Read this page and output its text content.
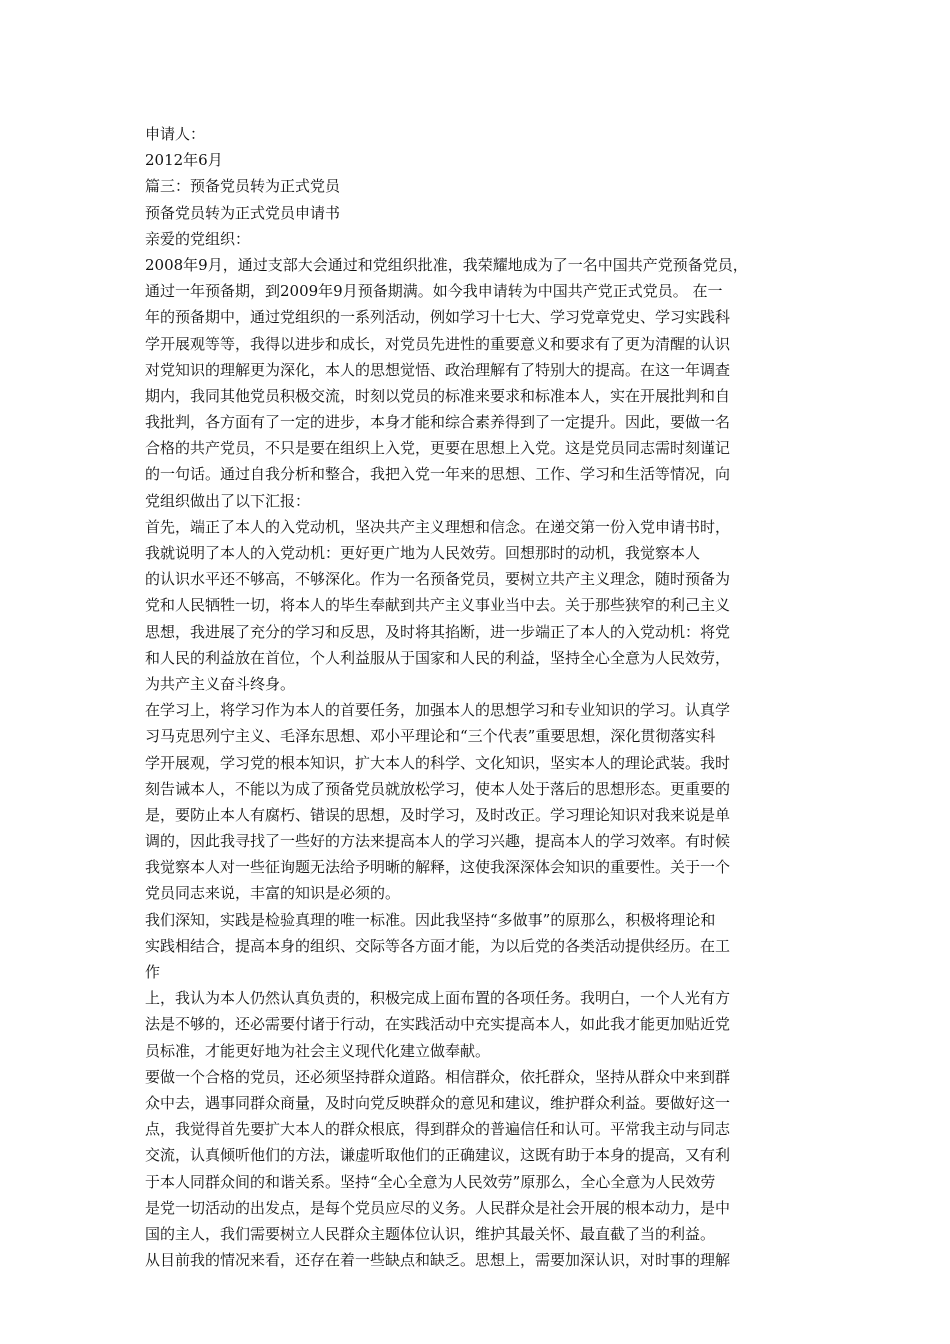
申请人：
2012年6月
篇三：预备党员转为正式党员
预备党员转为正式党员申请书
亲爱的党组织：
2008年9月，通过支部大会通过和党组织批准，我荣耀地成为了一名中国共产党预备党员，
通过一年预备期，到2009年9月预备期满。如今我申请转为中国共产党正式党员。 在一
年的预备期中，通过党组织的一系列活动，例如学习十七大、学习党章党史、学习实践科
学开展观等等，我得以进步和成长，对党员先进性的重要意义和要求有了更为清醒的认识
对党知识的理解更为深化，本人的思想觉悟、政治理解有了特别大的提高。在这一年调查
期内，我同其他党员积极交流，时刻以党员的标准来要求和标准本人，实在开展批判和自
我批判，各方面有了一定的进步，本身才能和综合素养得到了一定提升。因此，要做一名
合格的共产党员，不只是要在组织上入党，更要在思想上入党。这是党员同志需时刻谨记
的一句话。通过自我分析和整合，我把入党一年来的思想、工作、学习和生活等情况，向
党组织做出了以下汇报：
首先，端正了本人的入党动机，坚决共产主义理想和信念。在递交第一份入党申请书时，
我就说明了本人的入党动机：更好更广地为人民效劳。回想那时的动机，我觉察本人
的认识水平还不够高，不够深化。作为一名预备党员，要树立共产主义理念，随时预备为
党和人民牺牲一切，将本人的毕生奉献到共产主义事业当中去。关于那些狭窄的利己主义
思想，我进展了充分的学习和反思，及时将其掐断，进一步端正了本人的入党动机：将党
和人民的利益放在首位，个人利益服从于国家和人民的利益，坚持全心全意为人民效劳，
为共产主义奋斗终身。
在学习上，将学习作为本人的首要任务，加强本人的思想学习和专业知识的学习。认真学
习马克思列宁主义、毛泽东思想、邓小平理论和“三个代表”重要思想，深化贯彻落实科
学开展观，学习党的根本知识，扩大本人的科学、文化知识，坚实本人的理论武装。我时
刻告诫本人，不能以为成了预备党员就放松学习，使本人处于落后的思想形态。更重要的
是，要防止本人有腐朽、错误的思想，及时学习，及时改正。学习理论知识对我来说是单
调的，因此我寻找了一些好的方法来提高本人的学习兴趣，提高本人的学习效率。有时候
我觉察本人对一些征询题无法给予明晰的解释，这使我深深体会知识的重要性。关于一个
党员同志来说，丰富的知识是必须的。
我们深知，实践是检验真理的唯一标准。因此我坚持“多做事”的原那么，积极将理论和
实践相结合，提高本身的组织、交际等各方面才能，为以后党的各类活动提供经历。在工
作
上，我认为本人仍然认真负责的，积极完成上面布置的各项任务。我明白，一个人光有方
法是不够的，还必需要付诸于行动，在实践活动中充实提高本人，如此我才能更加贴近党
员标准，才能更好地为社会主义现代化建立做奉献。
要做一个合格的党员，还必须坚持群众道路。相信群众，依托群众，坚持从群众中来到群
众中去，遇事同群众商量，及时向党反映群众的意见和建议，维护群众利益。要做好这一
点，我觉得首先要扩大本人的群众根底，得到群众的普遍信任和认可。平常我主动与同志
交流，认真倾听他们的方法，谦虚听取他们的正确建议，这既有助于本身的提高，又有利
于本人同群众间的和谐关系。坚持“全心全意为人民效劳”原那么，全心全意为人民效劳
是党一切活动的出发点，是每个党员应尽的义务。人民群众是社会开展的根本动力，是中
国的主人，我们需要树立人民群众主题体位认识，维护其最关怀、最直截了当的利益。
从目前我的情况来看，还存在着一些缺点和缺乏。思想上，需要加深认识，对时事的理解
